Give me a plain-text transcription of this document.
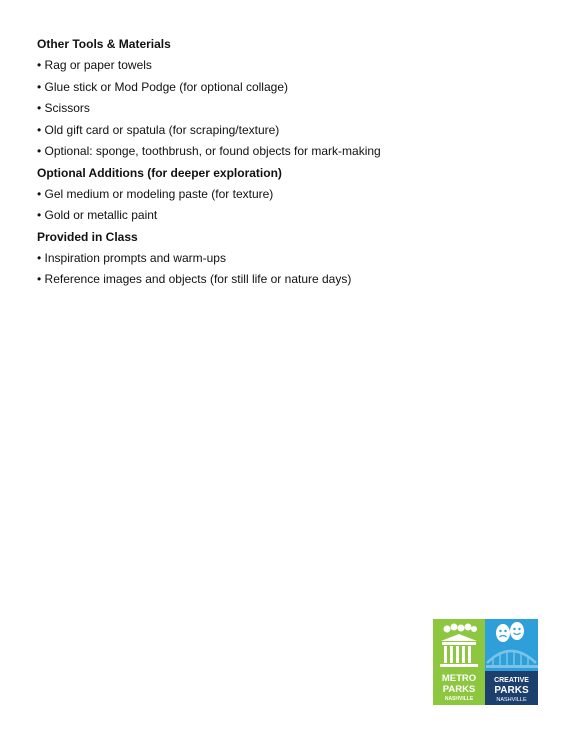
Other Tools & Materials

• Rag or paper towels

• Glue stick or Mod Podge (for optional collage)

• Scissors

• Old gift card or spatula (for scraping/texture)

• Optional: sponge, toothbrush, or found objects for mark-making

Optional Additions (for deeper exploration)

• Gel medium or modeling paste (for texture)

• Gold or metallic paint

Provided in Class

• Inspiration prompts and warm-ups

• Reference images and objects (for still life or nature days)

METRO
PARKS
NASHVILLE
CREATIVE
PARKS
NASHVILLE
